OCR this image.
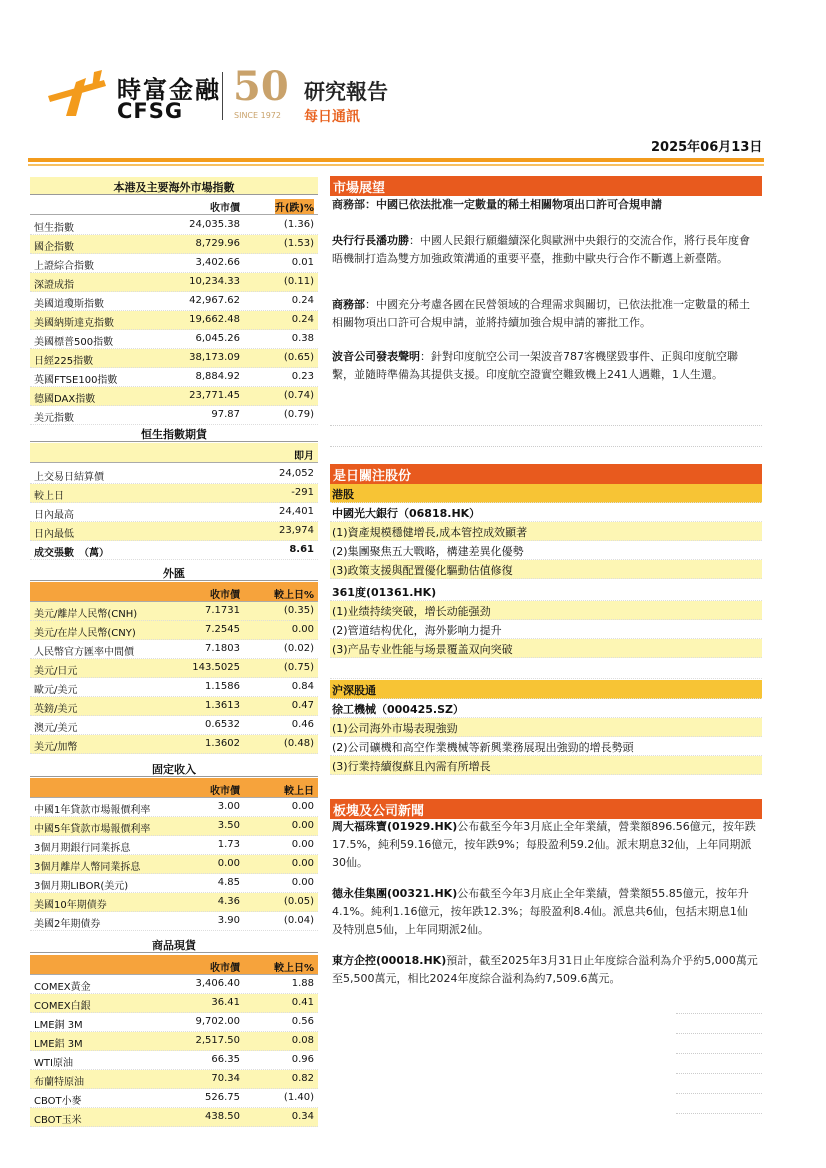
時富金融
CFSG
50
SINCE 1972
研究報告
每日通訊
2025年06月13日
本港及主要海外市場指數
收市價	升(跌)%
恒生指數	24,035.38	(1.36)
國企指數	8,729.96	(1.53)
上證綜合指數	3,402.66	0.01
深證成指	10,234.33	(0.11)
美國道瓊斯指數	42,967.62	0.24
美國納斯達克指數	19,662.48	0.24
美國標普500指數	6,045.26	0.38
日經225指數	38,173.09	(0.65)
英國FTSE100指數	8,884.92	0.23
德國DAX指數	23,771.45	(0.74)
美元指數	97.87	(0.79)
恒生指數期貨
即月
上交易日結算價	24,052
較上日	-291
日內最高	24,401
日內最低	23,974
成交張數　（萬）	8.61
外匯
收市價	較上日%
美元/離岸人民幣(CNH)	7.1731	(0.35)
美元/在岸人民幣(CNY)	7.2545	0.00
人民幣官方匯率中間價	7.1803	(0.02)
美元/日元	143.5025	(0.75)
歐元/美元	1.1586	0.84
英鎊/美元	1.3613	0.47
澳元/美元	0.6532	0.46
美元/加幣	1.3602	(0.48)
固定收入
收市價	較上日
中國1年貸款市場報價利率	3.00	0.00
中國5年貸款市場報價利率	3.50	0.00
3個月期銀行同業拆息	1.73	0.00
3個月離岸人幣同業拆息	0.00	0.00
3個月期LIBOR(美元)	4.85	0.00
美國10年期債券	4.36	(0.05)
美國2年期債券	3.90	(0.04)
商品現貨
收市價	較上日%
COMEX黃金	3,406.40	1.88
COMEX白銀	36.41	0.41
LME銅 3M	9,702.00	0.56
LME鋁 3M	2,517.50	0.08
WTI原油	66.35	0.96
布蘭特原油	70.34	0.82
CBOT小麥	526.75	(1.40)
CBOT玉米	438.50	0.34
市場展望
商務部：中國已依法批准一定數量的稀土相關物項出口許可合規申請
央行行長潘功勝：中國人民銀行願繼續深化與歐洲中央銀行的交流合作，將行長年度會晤機制打造為雙方加強政策溝通的重要平臺，推動中歐央行合作不斷邁上新臺階。
商務部：中國充分考慮各國在民營領域的合理需求與關切，已依法批准一定數量的稀土相關物項出口許可合規申請，並將持續加強合規申請的審批工作。
波音公司發表聲明：針對印度航空公司一架波音787客機墜毀事件、正與印度航空聯繫，並隨時準備為其提供支援。印度航空證實空難致機上241人遇難，1人生還。
是日關注股份
港股
中國光大銀行（06818.HK）
(1)資產規模穩健增長,成本管控成效顯著
(2)集團聚焦五大戰略，構建差異化優勢
(3)政策支援與配置優化驅動估值修復
361度(01361.HK)
(1)业绩持续突破，增长动能强劲
(2)管道结构优化，海外影响力提升
(3)产品专业性能与场景覆盖双向突破
沪深股通
徐工機械（000425.SZ）
(1)公司海外市場表現強勁
(2)公司礦機和高空作業機械等新興業務展現出強勁的增長勢頭
(3)行業持續復蘇且內需有所增長
板塊及公司新聞
周大福珠寶(01929.HK)公布截至今年3月底止全年業績，營業額896.56億元，按年跌17.5%，純利59.16億元，按年跌9%；每股盈利59.2仙。派末期息32仙，上年同期派30仙。
德永佳集團(00321.HK)公布截至今年3月底止全年業績，營業額55.85億元，按年升4.1%。純利1.16億元，按年跌12.3%；每股盈利8.4仙。派息共6仙，包括末期息1仙及特別息5仙，上年同期派2仙。
東方企控(00018.HK)預計，截至2025年3月31日止年度綜合溢利為介乎約5,000萬元至5,500萬元，相比2024年度綜合溢利為約7,509.6萬元。
